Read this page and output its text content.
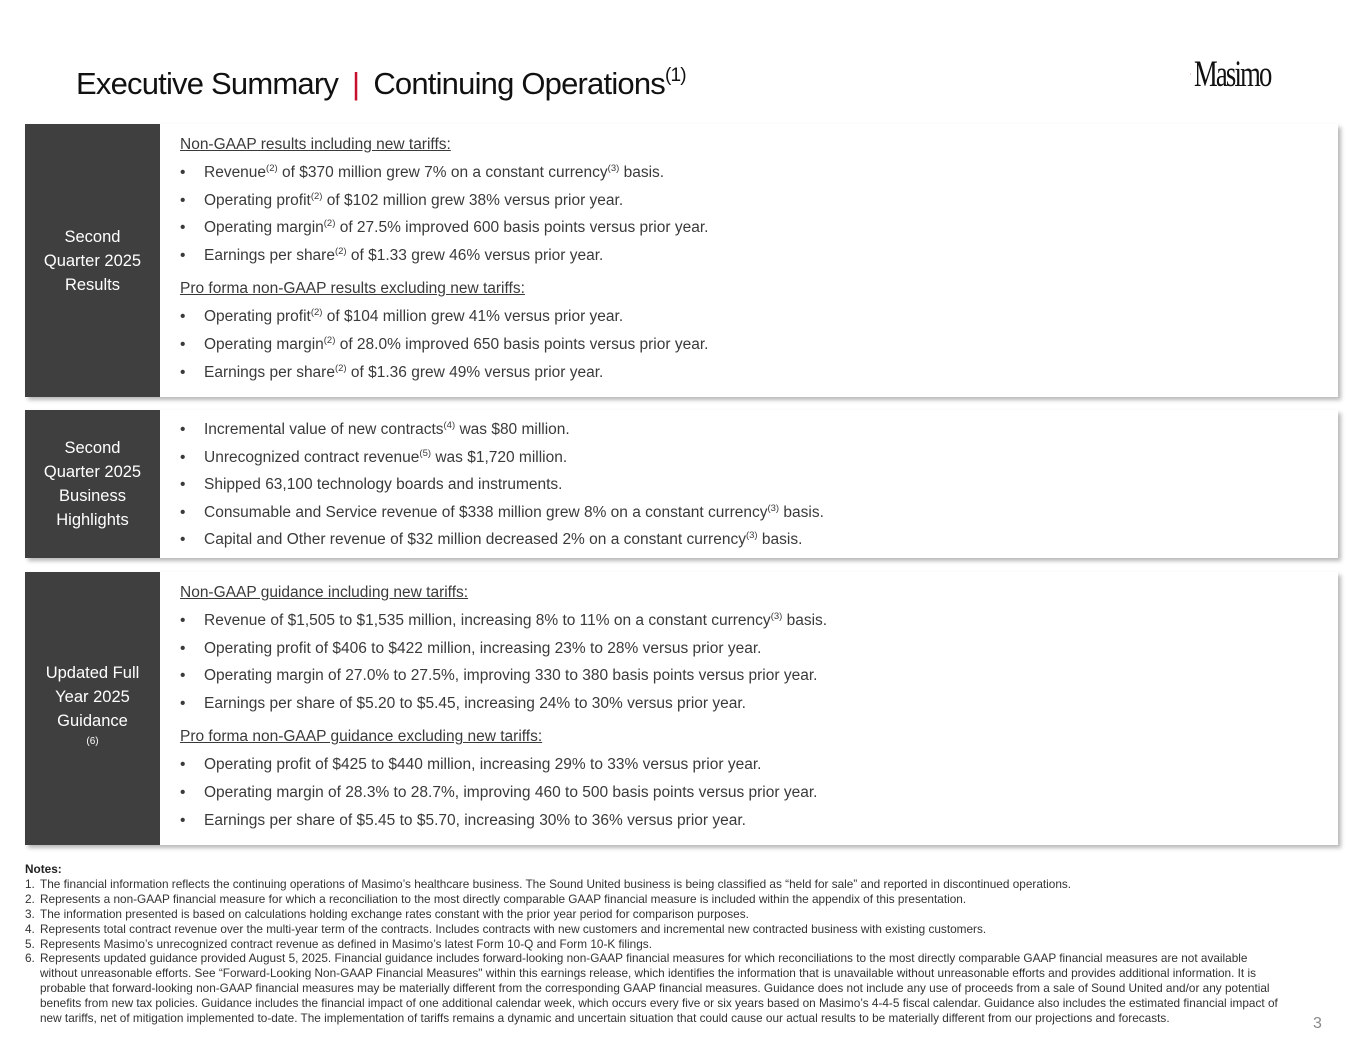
Executive Summary | Continuing Operations$^{(1)}$	Masimo
Second
Quarter 2025
Results
Non-GAAP results including new tariffs:
•	Revenue$^{(2)}$ of $370 million grew 7% on a constant currency$^{(3)}$ basis.
•	Operating profit$^{(2)}$ of $102 million grew 38% versus prior year.
•	Operating margin$^{(2)}$ of 27.5% improved 600 basis points versus prior year.
•	Earnings per share$^{(2)}$ of $1.33 grew 46% versus prior year.
Pro forma non-GAAP results excluding new tariffs:
•	Operating profit$^{(2)}$ of $104 million grew 41% versus prior year.
•	Operating margin$^{(2)}$ of 28.0% improved 650 basis points versus prior year.
•	Earnings per share$^{(2)}$ of $1.36 grew 49% versus prior year.
Second
Quarter 2025
Business
Highlights
•	Incremental value of new contracts$^{(4)}$ was $80 million.
•	Unrecognized contract revenue$^{(5)}$ was $1,720 million.
•	Shipped 63,100 technology boards and instruments.
•	Consumable and Service revenue of $338 million grew 8% on a constant currency$^{(3)}$ basis.
•	Capital and Other revenue of $32 million decreased 2% on a constant currency$^{(3)}$ basis.
Updated Full
Year 2025
Guidance
$^{(6)}$
Non-GAAP guidance including new tariffs:
•	Revenue of $1,505 to $1,535 million, increasing 8% to 11% on a constant currency$^{(3)}$ basis.
•	Operating profit of $406 to $422 million, increasing 23% to 28% versus prior year.
•	Operating margin of 27.0% to 27.5%, improving 330 to 380 basis points versus prior year.
•	Earnings per share of $5.20 to $5.45, increasing 24% to 30% versus prior year.
Pro forma non-GAAP guidance excluding new tariffs:
•	Operating profit of $425 to $440 million, increasing 29% to 33% versus prior year.
•	Operating margin of 28.3% to 28.7%, improving 460 to 500 basis points versus prior year.
•	Earnings per share of $5.45 to $5.70, increasing 30% to 36% versus prior year.
Notes:
1. The financial information reflects the continuing operations of Masimo’s healthcare business. The Sound United business is being classified as “held for sale” and reported in discontinued operations.
2. Represents a non-GAAP financial measure for which a reconciliation to the most directly comparable GAAP financial measure is included within the appendix of this presentation.
3. The information presented is based on calculations holding exchange rates constant with the prior year period for comparison purposes.
4. Represents total contract revenue over the multi-year term of the contracts. Includes contracts with new customers and incremental new contracted business with existing customers.
5. Represents Masimo’s unrecognized contract revenue as defined in Masimo’s latest Form 10-Q and Form 10-K filings.
6. Represents updated guidance provided August 5, 2025. Financial guidance includes forward-looking non-GAAP financial measures for which reconciliations to the most directly comparable GAAP financial measures are not available without unreasonable efforts. See “Forward-Looking Non-GAAP Financial Measures" within this earnings release, which identifies the information that is unavailable without unreasonable efforts and provides additional information. It is probable that forward-looking non-GAAP financial measures may be materially different from the corresponding GAAP financial measures. Guidance does not include any use of proceeds from a sale of Sound United and/or any potential benefits from new tax policies. Guidance includes the financial impact of one additional calendar week, which occurs every five or six years based on Masimo’s 4-4-5 fiscal calendar. Guidance also includes the estimated financial impact of new tariffs, net of mitigation implemented to-date. The implementation of tariffs remains a dynamic and uncertain situation that could cause our actual results to be materially different from our projections and forecasts.	3
